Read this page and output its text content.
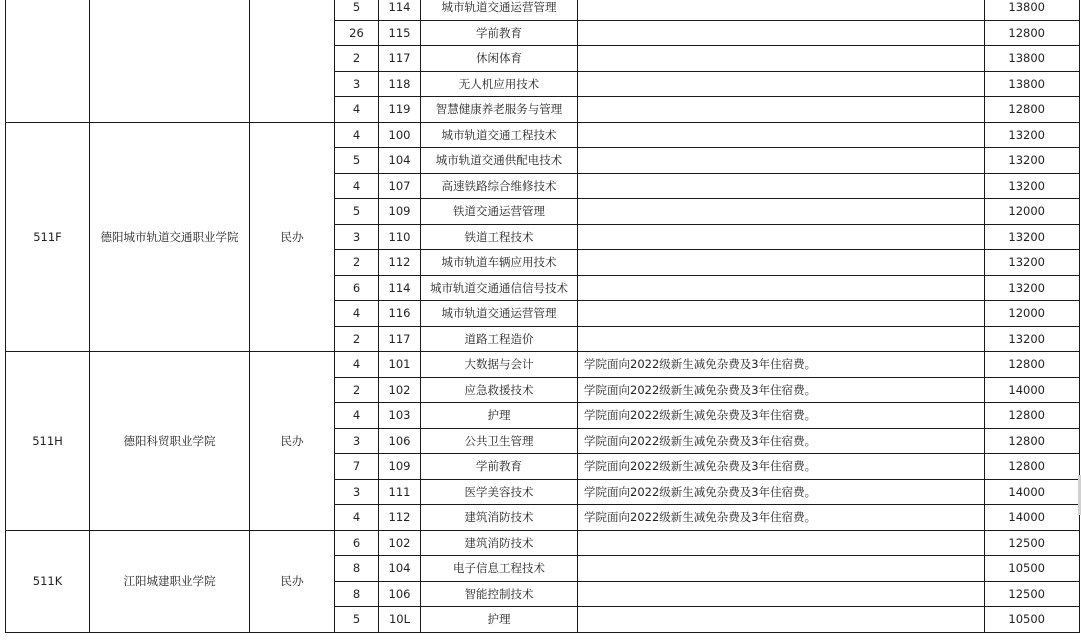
			5	114	城市轨道交通运营管理		13800
			26	115	学前教育		12800
			2	117	休闲体育		13800
			3	118	无人机应用技术		13800
			4	119	智慧健康养老服务与管理		12800
511F	德阳城市轨道交通职业学院	民办	4	100	城市轨道交通工程技术		13200
			5	104	城市轨道交通供配电技术		13200
			4	107	高速铁路综合维修技术		13200
			5	109	铁道交通运营管理		12000
			3	110	铁道工程技术		13200
			2	112	城市轨道车辆应用技术		13200
			6	114	城市轨道交通通信信号技术		13200
			4	116	城市轨道交通运营管理		12000
			2	117	道路工程造价		13200
511H	德阳科贸职业学院	民办	4	101	大数据与会计	学院面向2022级新生减免杂费及3年住宿费。	12800
			2	102	应急救援技术	学院面向2022级新生减免杂费及3年住宿费。	14000
			4	103	护理	学院面向2022级新生减免杂费及3年住宿费。	12800
			3	106	公共卫生管理	学院面向2022级新生减免杂费及3年住宿费。	12800
			7	109	学前教育	学院面向2022级新生减免杂费及3年住宿费。	12800
			3	111	医学美容技术	学院面向2022级新生减免杂费及3年住宿费。	14000
			4	112	建筑消防技术	学院面向2022级新生减免杂费及3年住宿费。	14000
511K	江阳城建职业学院	民办	6	102	建筑消防技术		12500
			8	104	电子信息工程技术		10500
			8	106	智能控制技术		12500
			5	10L	护理		10500
